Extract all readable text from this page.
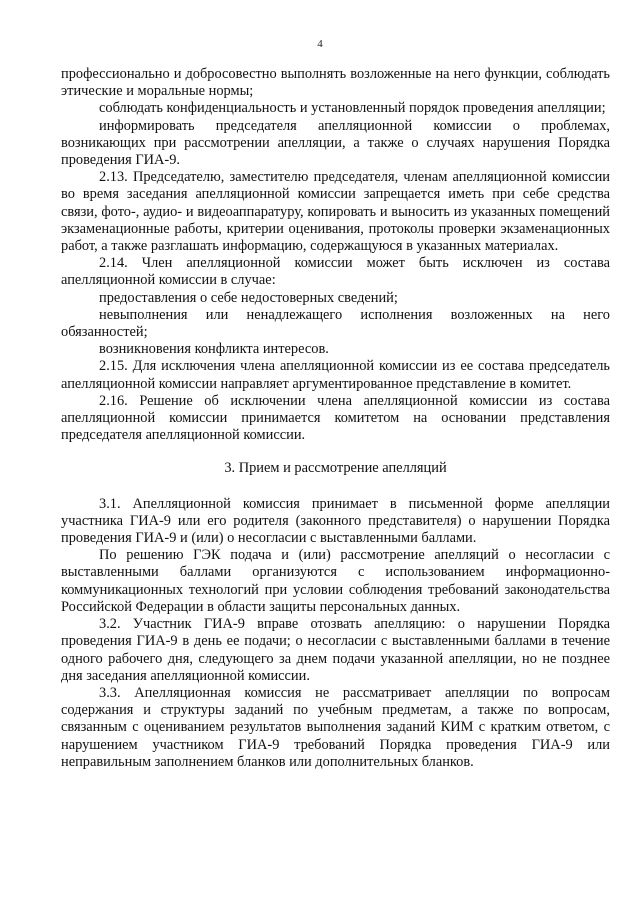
4

профессионально и добросовестно выполнять возложенные на него функции, соблюдать этические и моральные нормы;

соблюдать конфиденциальность и установленный порядок проведения апелляции;

информировать председателя апелляционной комиссии о проблемах, возникающих при рассмотрении апелляции, а также о случаях нарушения Порядка проведения ГИА-9.

2.13. Председателю, заместителю председателя, членам апелляционной комиссии во время заседания апелляционной комиссии запрещается иметь при себе средства связи, фото-, аудио- и видеоаппаратуру, копировать и выносить из указанных помещений экзаменационные работы, критерии оценивания, протоколы проверки экзаменационных работ, а также разглашать информацию, содержащуюся в указанных материалах.

2.14. Член апелляционной комиссии может быть исключен из состава апелляционной комиссии в случае:

предоставления о себе недостоверных сведений;

невыполнения или ненадлежащего исполнения возложенных на него обязанностей;

возникновения конфликта интересов.

2.15. Для исключения члена апелляционной комиссии из ее состава председатель апелляционной комиссии направляет аргументированное представление в комитет.

2.16. Решение об исключении члена апелляционной комиссии из состава апелляционной комиссии принимается комитетом на основании представления председателя апелляционной комиссии.

3. Прием и рассмотрение апелляций

3.1. Апелляционной комиссия принимает в письменной форме апелляции участника ГИА-9 или его родителя (законного представителя) о нарушении Порядка проведения ГИА-9 и (или) о несогласии с выставленными баллами.

По решению ГЭК подача и (или) рассмотрение апелляций о несогласии с выставленными баллами организуются с использованием информационно-коммуникационных технологий при условии соблюдения требований законодательства Российской Федерации в области защиты персональных данных.

3.2. Участник ГИА-9 вправе отозвать апелляцию: о нарушении Порядка проведения ГИА-9 в день ее подачи; о несогласии с выставленными баллами в течение одного рабочего дня, следующего за днем подачи указанной апелляции, но не позднее дня заседания апелляционной комиссии.

3.3. Апелляционная комиссия не рассматривает апелляции по вопросам содержания и структуры заданий по учебным предметам, а также по вопросам, связанным с оцениванием результатов выполнения заданий КИМ с кратким ответом, с нарушением участником ГИА-9 требований Порядка проведения ГИА-9 или неправильным заполнением бланков или дополнительных бланков.
